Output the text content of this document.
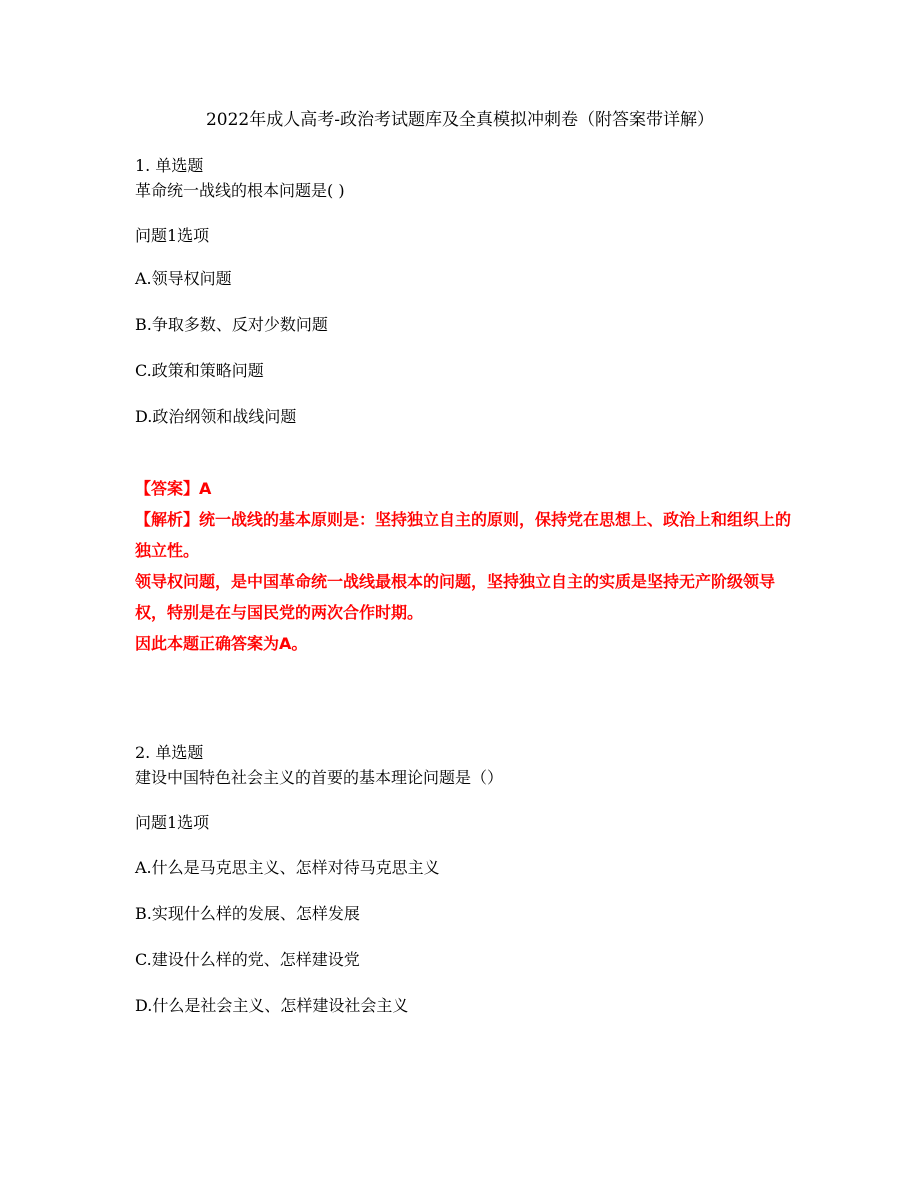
2022年成人高考-政治考试题库及全真模拟冲刺卷（附答案带详解）
1. 单选题
革命统一战线的根本问题是( )
问题1选项
A.领导权问题
B.争取多数、反对少数问题
C.政策和策略问题
D.政治纲领和战线问题

【答案】A

【解析】统一战线的基本原则是：坚持独立自主的原则，保持党在思想上、政治上和组织上的独立性。

领导权问题，是中国革命统一战线最根本的问题，坚持独立自主的实质是坚持无产阶级领导权，特别是在与国民党的两次合作时期。

因此本题正确答案为A。

2. 单选题
建设中国特色社会主义的首要的基本理论问题是（）
问题1选项
A.什么是马克思主义、怎样对待马克思主义
B.实现什么样的发展、怎样发展
C.建设什么样的党、怎样建设党
D.什么是社会主义、怎样建设社会主义
